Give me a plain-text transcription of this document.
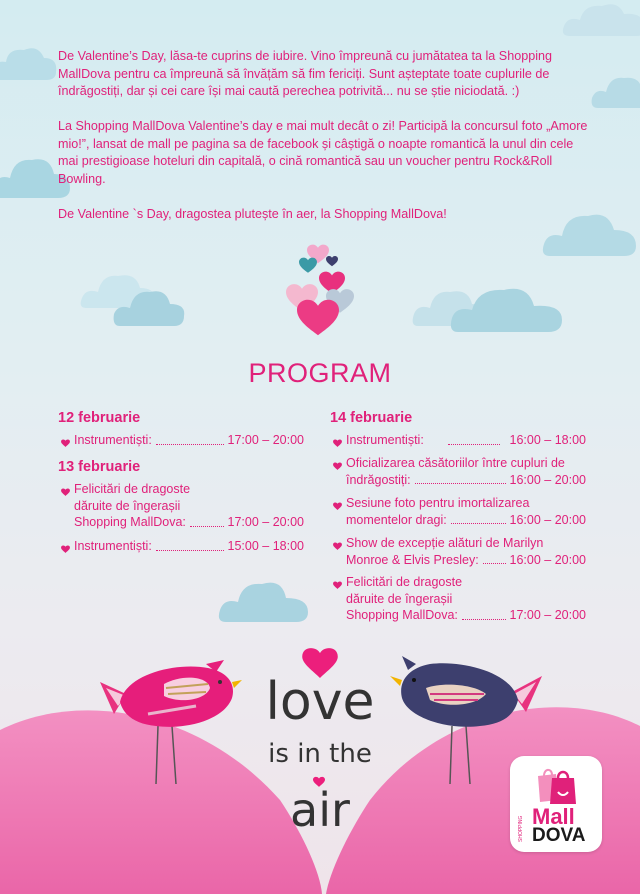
De Valentine’s Day, lăsa-te cuprins de iubire. Vino împreună cu jumătatea ta la Shopping MallDova pentru ca împreună să învățăm să fim fericiți. Sunt așteptate toate cuplurile de îndrăgostiți, dar și cei care își mai caută perechea potrivită... nu se știe niciodată. :)

La Shopping MallDova Valentine’s day e mai mult decât o zi! Participă la concursul foto „Amore mio!”, lansat de mall pe pagina sa de facebook și câștigă o noapte romantică la unul din cele mai prestigioase hoteluri din capitală, o cină romantică sau un voucher pentru Rock&Roll Bowling.

De Valentine `s Day, dragostea plutește în aer, la Shopping MallDova!

PROGRAM
12 februarie
Instrumentiști:	17:00 – 20:00
13 februarie
Felicitări de dragoste
dăruite de îngerașii
Shopping MallDova:	17:00 – 20:00
Instrumentiști:	15:00 – 18:00
14 februarie
Instrumentiști:	16:00 – 18:00
Oficializarea căsătoriilor între cupluri de
îndrăgostiți:	16:00 – 20:00
Sesiune foto pentru imortalizarea
momentelor dragi:	16:00 – 20:00
Show de excepție alături de Marilyn
Monroe & Elvis Presley: 16:00 – 20:00
Felicitări de dragoste
dăruite de îngerașii
Shopping MallDova:	17:00 – 20:00
love
is in the
air	SHOPPING Mall
DOVA
